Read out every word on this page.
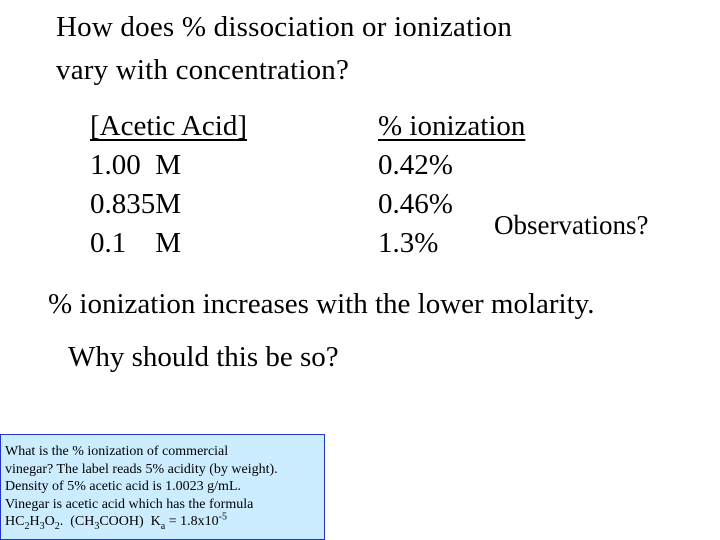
How does % dissociation or ionization
vary with concentration?
[Acetic Acid]
1.00  M
0.835M
0.1    M
% ionization
0.42%
0.46%
1.3%
Observations?
% ionization increases with the lower molarity.
Why should this be so?
What is the % ionization of commercial
vinegar? The label reads 5% acidity (by weight).
Density of 5% acetic acid is 1.0023 g/mL.
Vinegar is acetic acid which has the formula
$HC_2H_3O_2$.  $(CH_3COOH) K_a = 1.8x10^{-5}$
